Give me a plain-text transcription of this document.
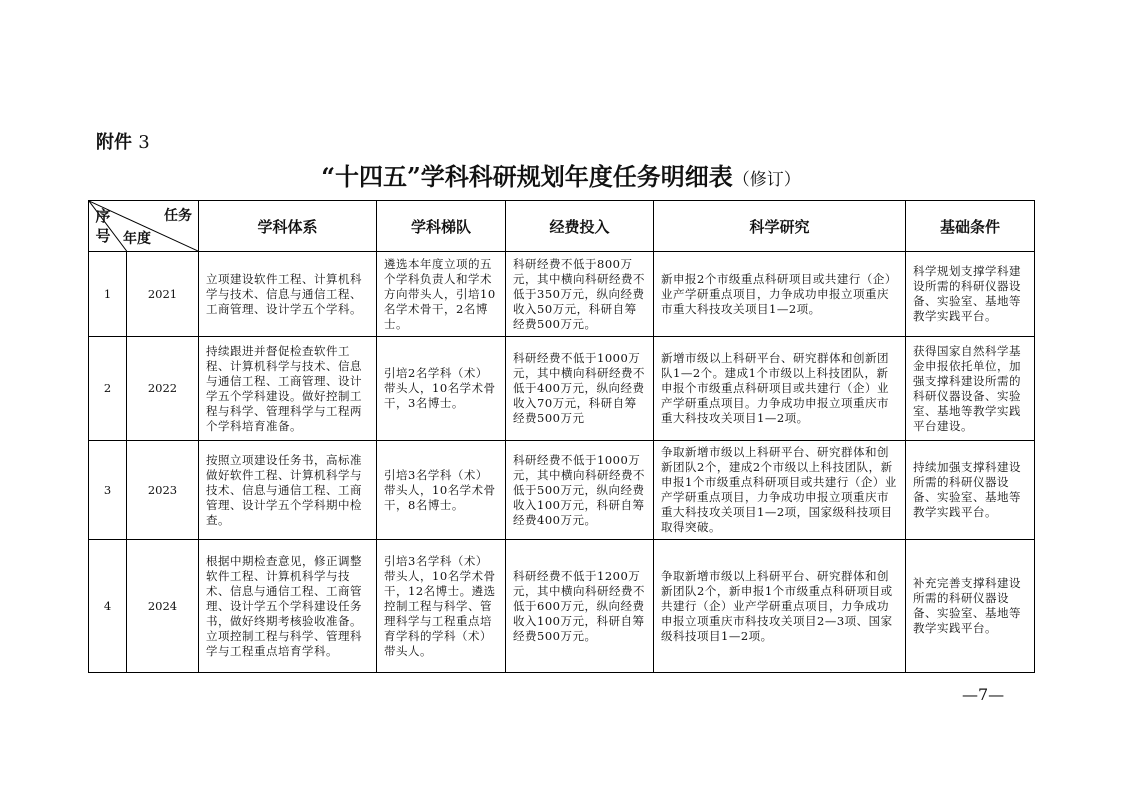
附件 3
“十四五”学科科研规划年度任务明细表（修订）
序号
任务
年度		学科体系	学科梯队	经费投入	科学研究	基础条件
1	2021	立项建设软件工程、计算机科学与技术、信息与通信工程、工商管理、设计学五个学科。	遴选本年度立项的五个学科负责人和学术方向带头人，引培10名学术骨干，2名博士。	科研经费不低于800万元，其中横向科研经费不低于350万元，纵向经费收入50万元，科研自筹经费500万元。	新申报2个市级重点科研项目或共建行（企）业产学研重点项目，力争成功申报立项重庆市重大科技攻关项目1—2项。	科学规划支撑学科建设所需的科研仪器设备、实验室、基地等教学实践平台。
2	2022	持续跟进并督促检查软件工程、计算机科学与技术、信息与通信工程、工商管理、设计学五个学科建设。做好控制工程与科学、管理科学与工程两个学科培育准备。	引培2名学科（术）带头人，10名学术骨干，3名博士。	科研经费不低于1000万元，其中横向科研经费不低于400万元，纵向经费收入70万元，科研自筹经费500万元	新增市级以上科研平台、研究群体和创新团队1—2个。建成1个市级以上科技团队，新申报个市级重点科研项目或共建行（企）业产学研重点项目。力争成功申报立项重庆市重大科技攻关项目1—2项。	获得国家自然科学基金申报依托单位，加强支撑科建设所需的科研仪器设备、实验室、基地等教学实践平台建设。
3	2023	按照立项建设任务书，高标准做好软件工程、计算机科学与技术、信息与通信工程、工商管理、设计学五个学科期中检查。	引培3名学科（术）带头人，10名学术骨干，8名博士。	科研经费不低于1000万元，其中横向科研经费不低于500万元，纵向经费收入100万元，科研自筹经费400万元。	争取新增市级以上科研平台、研究群体和创新团队2个，建成2个市级以上科技团队，新申报1个市级重点科研项目或共建行（企）业产学研重点项目，力争成功申报立项重庆市重大科技攻关项目1—2项，国家级科技项目取得突破。	持续加强支撑科建设所需的科研仪器设备、实验室、基地等教学实践平台。
4	2024	根据中期检查意见，修正调整软件工程、计算机科学与技术、信息与通信工程、工商管理、设计学五个学科建设任务书，做好终期考核验收准备。立项控制工程与科学、管理科学与工程重点培育学科。	引培3名学科（术）带头人，10名学术骨干，12名博士。遴选控制工程与科学、管理科学与工程重点培育学科的学科（术）带头人。	科研经费不低于1200万元，其中横向科研经费不低于600万元，纵向经费收入100万元，科研自筹经费500万元。	争取新增市级以上科研平台、研究群体和创新团队2个，新申报1个市级重点科研项目或共建行（企）业产学研重点项目，力争成功申报立项重庆市科技攻关项目2—3项、国家级科技项目1—2项。	补充完善支撑科建设所需的科研仪器设备、实验室、基地等教学实践平台。
—7—
